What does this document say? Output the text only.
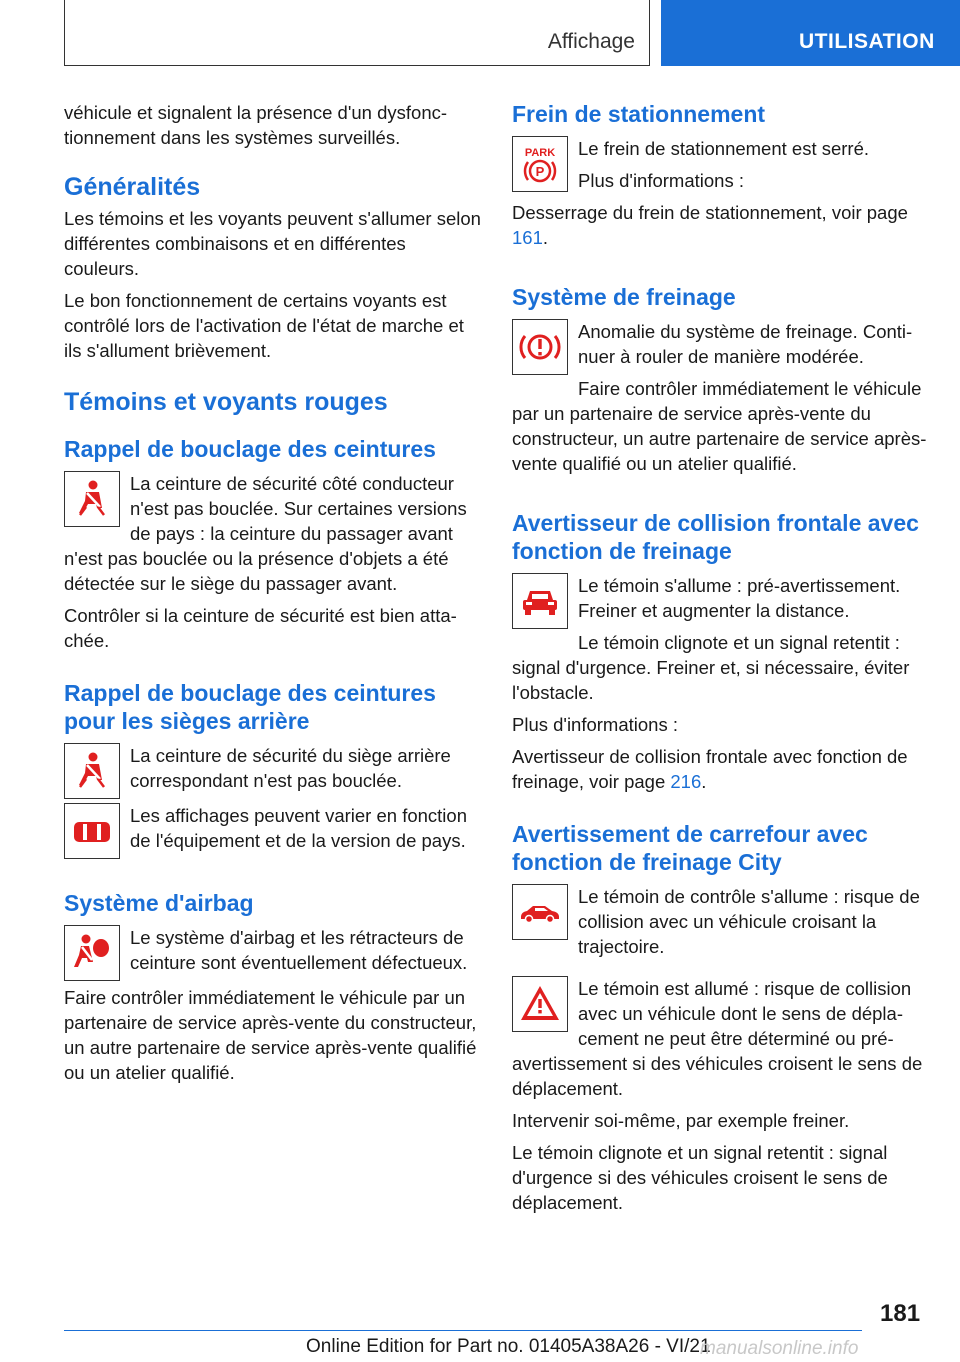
Affichage	UTILISATION

véhicule et signalent la présence d'un dysfonctionnement dans les systèmes surveillés.

Généralités

Les témoins et les voyants peuvent s'allumer selon différentes combinaisons et en différentes couleurs.

Le bon fonctionnement de certains voyants est contrôlé lors de l'activation de l'état de marche et ils s'allument brièvement.

Témoins et voyants rouges
Rappel de bouclage des ceintures

La ceinture de sécurité côté conducteur n'est pas bouclée. Sur certaines versions de pays : la ceinture du passager avant n'est pas bouclée ou la présence d'objets a été détectée sur le siège du passager avant.

Contrôler si la ceinture de sécurité est bien attachée.

Rappel de bouclage des ceintures pour les sièges arrière

La ceinture de sécurité du siège arrière correspondant n'est pas bouclée.

Les affichages peuvent varier en fonction de l'équipement et de la version de pays.

Système d'airbag

Le système d'airbag et les rétracteurs de ceinture sont éventuellement défectueux.

Faire contrôler immédiatement le véhicule par un partenaire de service après-vente du constructeur, un autre partenaire de service après-vente qualifié ou un atelier qualifié.

Frein de stationnement
PARK
P

Le frein de stationnement est serré.

Plus d'informations :

Desserrage du frein de stationnement, voir page 161.

Système de freinage

Anomalie du système de freinage. Continuer à rouler de manière modérée.

Faire contrôler immédiatement le véhicule par un partenaire de service après-vente du constructeur, un autre partenaire de service après-vente qualifié ou un atelier qualifié.

Avertisseur de collision frontale avec fonction de freinage

Le témoin s'allume : pré-avertissement. Freiner et augmenter la distance.

Le témoin clignote et un signal retentit : signal d'urgence. Freiner et, si nécessaire, éviter l'obstacle.

Plus d'informations :

Avertisseur de collision frontale avec fonction de freinage, voir page 216.

Avertissement de carrefour avec fonction de freinage City

Le témoin de contrôle s'allume : risque de collision avec un véhicule croisant la trajectoire.

Le témoin est allumé : risque de collision avec un véhicule dont le sens de déplacement ne peut être déterminé ou pré-avertissement si des véhicules croisent le sens de déplacement.

Intervenir soi-même, par exemple freiner.

Le témoin clignote et un signal retentit : signal d'urgence si des véhicules croisent le sens de déplacement.

181
Online Edition for Part no. 01405A38A26 - VI/21
manualsonline.info
